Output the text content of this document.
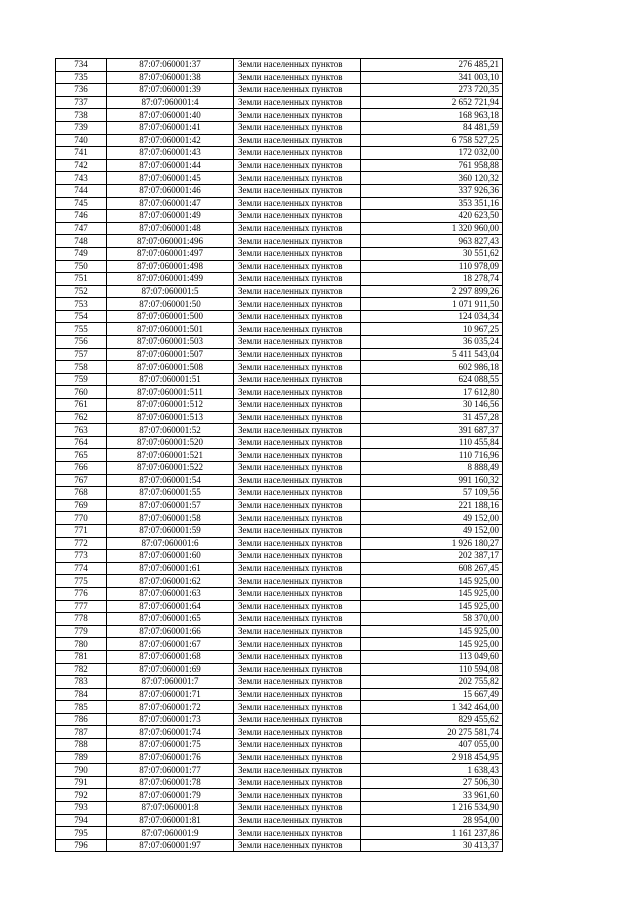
734	87:07:060001:37	Земли населенных пунктов	276 485,21
735	87:07:060001:38	Земли населенных пунктов	341 003,10
736	87:07:060001:39	Земли населенных пунктов	273 720,35
737	87:07:060001:4	Земли населенных пунктов	2 652 721,94
738	87:07:060001:40	Земли населенных пунктов	168 963,18
739	87:07:060001:41	Земли населенных пунктов	84 481,59
740	87:07:060001:42	Земли населенных пунктов	6 758 527,25
741	87:07:060001:43	Земли населенных пунктов	172 032,00
742	87:07:060001:44	Земли населенных пунктов	761 958,88
743	87:07:060001:45	Земли населенных пунктов	360 120,32
744	87:07:060001:46	Земли населенных пунктов	337 926,36
745	87:07:060001:47	Земли населенных пунктов	353 351,16
746	87:07:060001:49	Земли населенных пунктов	420 623,50
747	87:07:060001:48	Земли населенных пунктов	1 320 960,00
748	87:07:060001:496	Земли населенных пунктов	963 827,43
749	87:07:060001:497	Земли населенных пунктов	30 551,62
750	87:07:060001:498	Земли населенных пунктов	110 978,09
751	87:07:060001:499	Земли населенных пунктов	18 278,74
752	87:07:060001:5	Земли населенных пунктов	2 297 899,26
753	87:07:060001:50	Земли населенных пунктов	1 071 911,50
754	87:07:060001:500	Земли населенных пунктов	124 034,34
755	87:07:060001:501	Земли населенных пунктов	10 967,25
756	87:07:060001:503	Земли населенных пунктов	36 035,24
757	87:07:060001:507	Земли населенных пунктов	5 411 543,04
758	87:07:060001:508	Земли населенных пунктов	602 986,18
759	87:07:060001:51	Земли населенных пунктов	624 088,55
760	87:07:060001:511	Земли населенных пунктов	17 612,80
761	87:07:060001:512	Земли населенных пунктов	30 146,56
762	87:07:060001:513	Земли населенных пунктов	31 457,28
763	87:07:060001:52	Земли населенных пунктов	391 687,37
764	87:07:060001:520	Земли населенных пунктов	110 455,84
765	87:07:060001:521	Земли населенных пунктов	110 716,96
766	87:07:060001:522	Земли населенных пунктов	8 888,49
767	87:07:060001:54	Земли населенных пунктов	991 160,32
768	87:07:060001:55	Земли населенных пунктов	57 109,56
769	87:07:060001:57	Земли населенных пунктов	221 188,16
770	87:07:060001:58	Земли населенных пунктов	49 152,00
771	87:07:060001:59	Земли населенных пунктов	49 152,00
772	87:07:060001:6	Земли населенных пунктов	1 926 180,27
773	87:07:060001:60	Земли населенных пунктов	202 387,17
774	87:07:060001:61	Земли населенных пунктов	608 267,45
775	87:07:060001:62	Земли населенных пунктов	145 925,00
776	87:07:060001:63	Земли населенных пунктов	145 925,00
777	87:07:060001:64	Земли населенных пунктов	145 925,00
778	87:07:060001:65	Земли населенных пунктов	58 370,00
779	87:07:060001:66	Земли населенных пунктов	145 925,00
780	87:07:060001:67	Земли населенных пунктов	145 925,00
781	87:07:060001:68	Земли населенных пунктов	113 049,60
782	87:07:060001:69	Земли населенных пунктов	110 594,08
783	87:07:060001:7	Земли населенных пунктов	202 755,82
784	87:07:060001:71	Земли населенных пунктов	15 667,49
785	87:07:060001:72	Земли населенных пунктов	1 342 464,00
786	87:07:060001:73	Земли населенных пунктов	829 455,62
787	87:07:060001:74	Земли населенных пунктов	20 275 581,74
788	87:07:060001:75	Земли населенных пунктов	407 055,00
789	87:07:060001:76	Земли населенных пунктов	2 918 454,95
790	87:07:060001:77	Земли населенных пунктов	1 638,43
791	87:07:060001:78	Земли населенных пунктов	27 506,30
792	87:07:060001:79	Земли населенных пунктов	33 961,60
793	87:07:060001:8	Земли населенных пунктов	1 216 534,90
794	87:07:060001:81	Земли населенных пунктов	28 954,00
795	87:07:060001:9	Земли населенных пунктов	1 161 237,86
796	87:07:060001:97	Земли населенных пунктов	30 413,37
